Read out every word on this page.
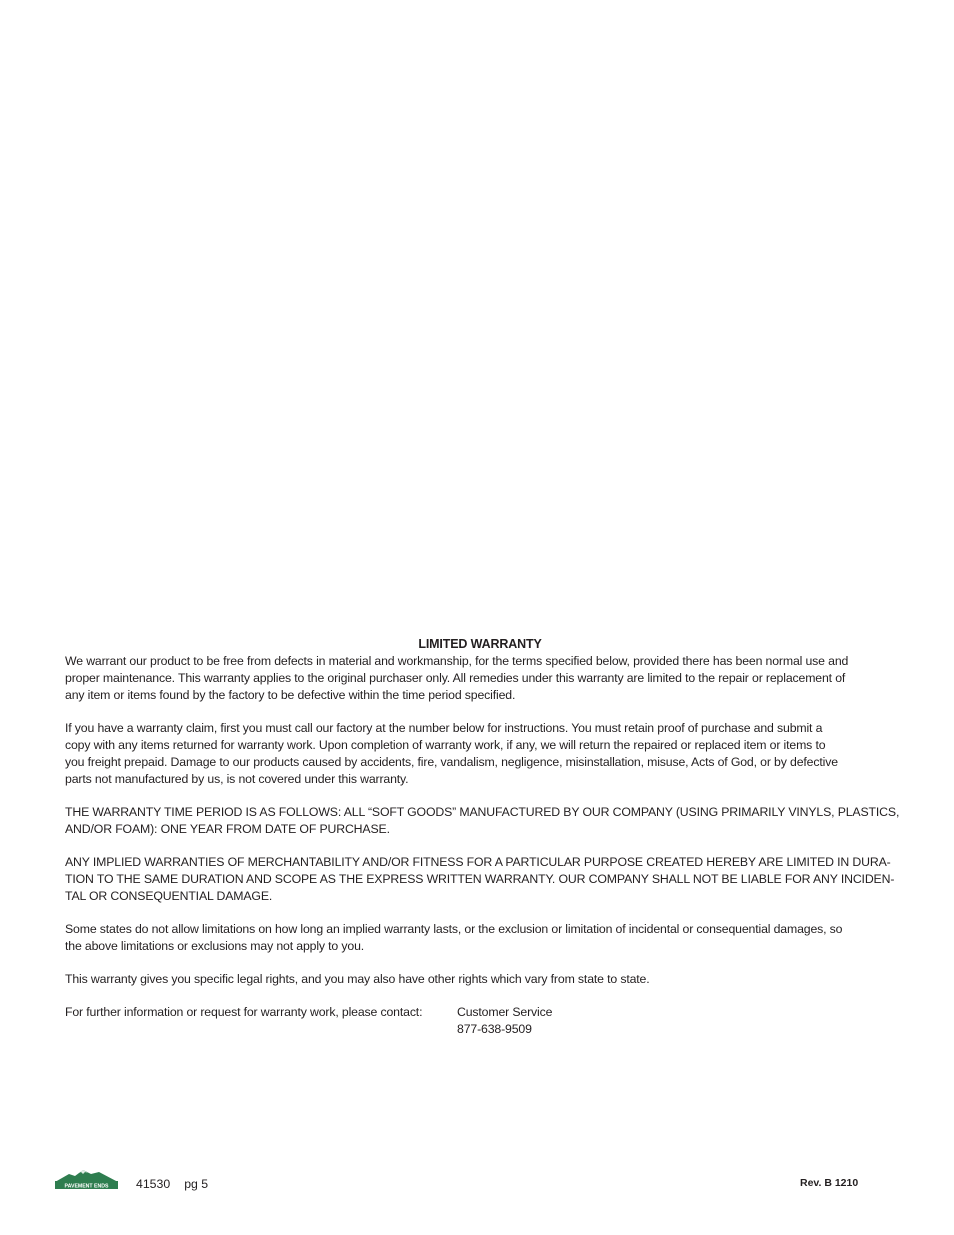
LIMITED WARRANTY
We warrant our product to be free from defects in material and workmanship, for the terms specified below, provided there has been normal use and
proper maintenance. This warranty applies to the original purchaser only. All remedies under this warranty are limited to the repair or replacement of
any item or items found by the factory to be defective within the time period specified.
If you have a warranty claim, first you must call our factory at the number below for instructions. You must retain proof of purchase and submit a
copy with any items returned for warranty work. Upon completion of warranty work, if any, we will return the repaired or replaced item or items to
you freight prepaid. Damage to our products caused by accidents, fire, vandalism, negligence, misinstallation, misuse, Acts of God, or by defective
parts not manufactured by us, is not covered under this warranty.
THE WARRANTY TIME PERIOD IS AS FOLLOWS: ALL “SOFT GOODS” MANUFACTURED BY OUR COMPANY (USING PRIMARILY VINYLS, PLASTICS,
AND/OR FOAM): ONE YEAR FROM DATE OF PURCHASE.
ANY IMPLIED WARRANTIES OF MERCHANTABILITY AND/OR FITNESS FOR A PARTICULAR PURPOSE CREATED HEREBY ARE LIMITED IN DURA-
TION TO THE SAME DURATION AND SCOPE AS THE EXPRESS WRITTEN WARRANTY. OUR COMPANY SHALL NOT BE LIABLE FOR ANY INCIDEN-
TAL OR CONSEQUENTIAL DAMAGE.
Some states do not allow limitations on how long an implied warranty lasts, or the exclusion or limitation of incidental or consequential damages, so
the above limitations or exclusions may not apply to you.
This warranty gives you specific legal rights, and you may also have other rights which vary from state to state.
For further information or request for warranty work, please contact:	Customer Service
877-638-9509
PAVEMENT ENDS 41530 pg 5	Rev. B 1210
